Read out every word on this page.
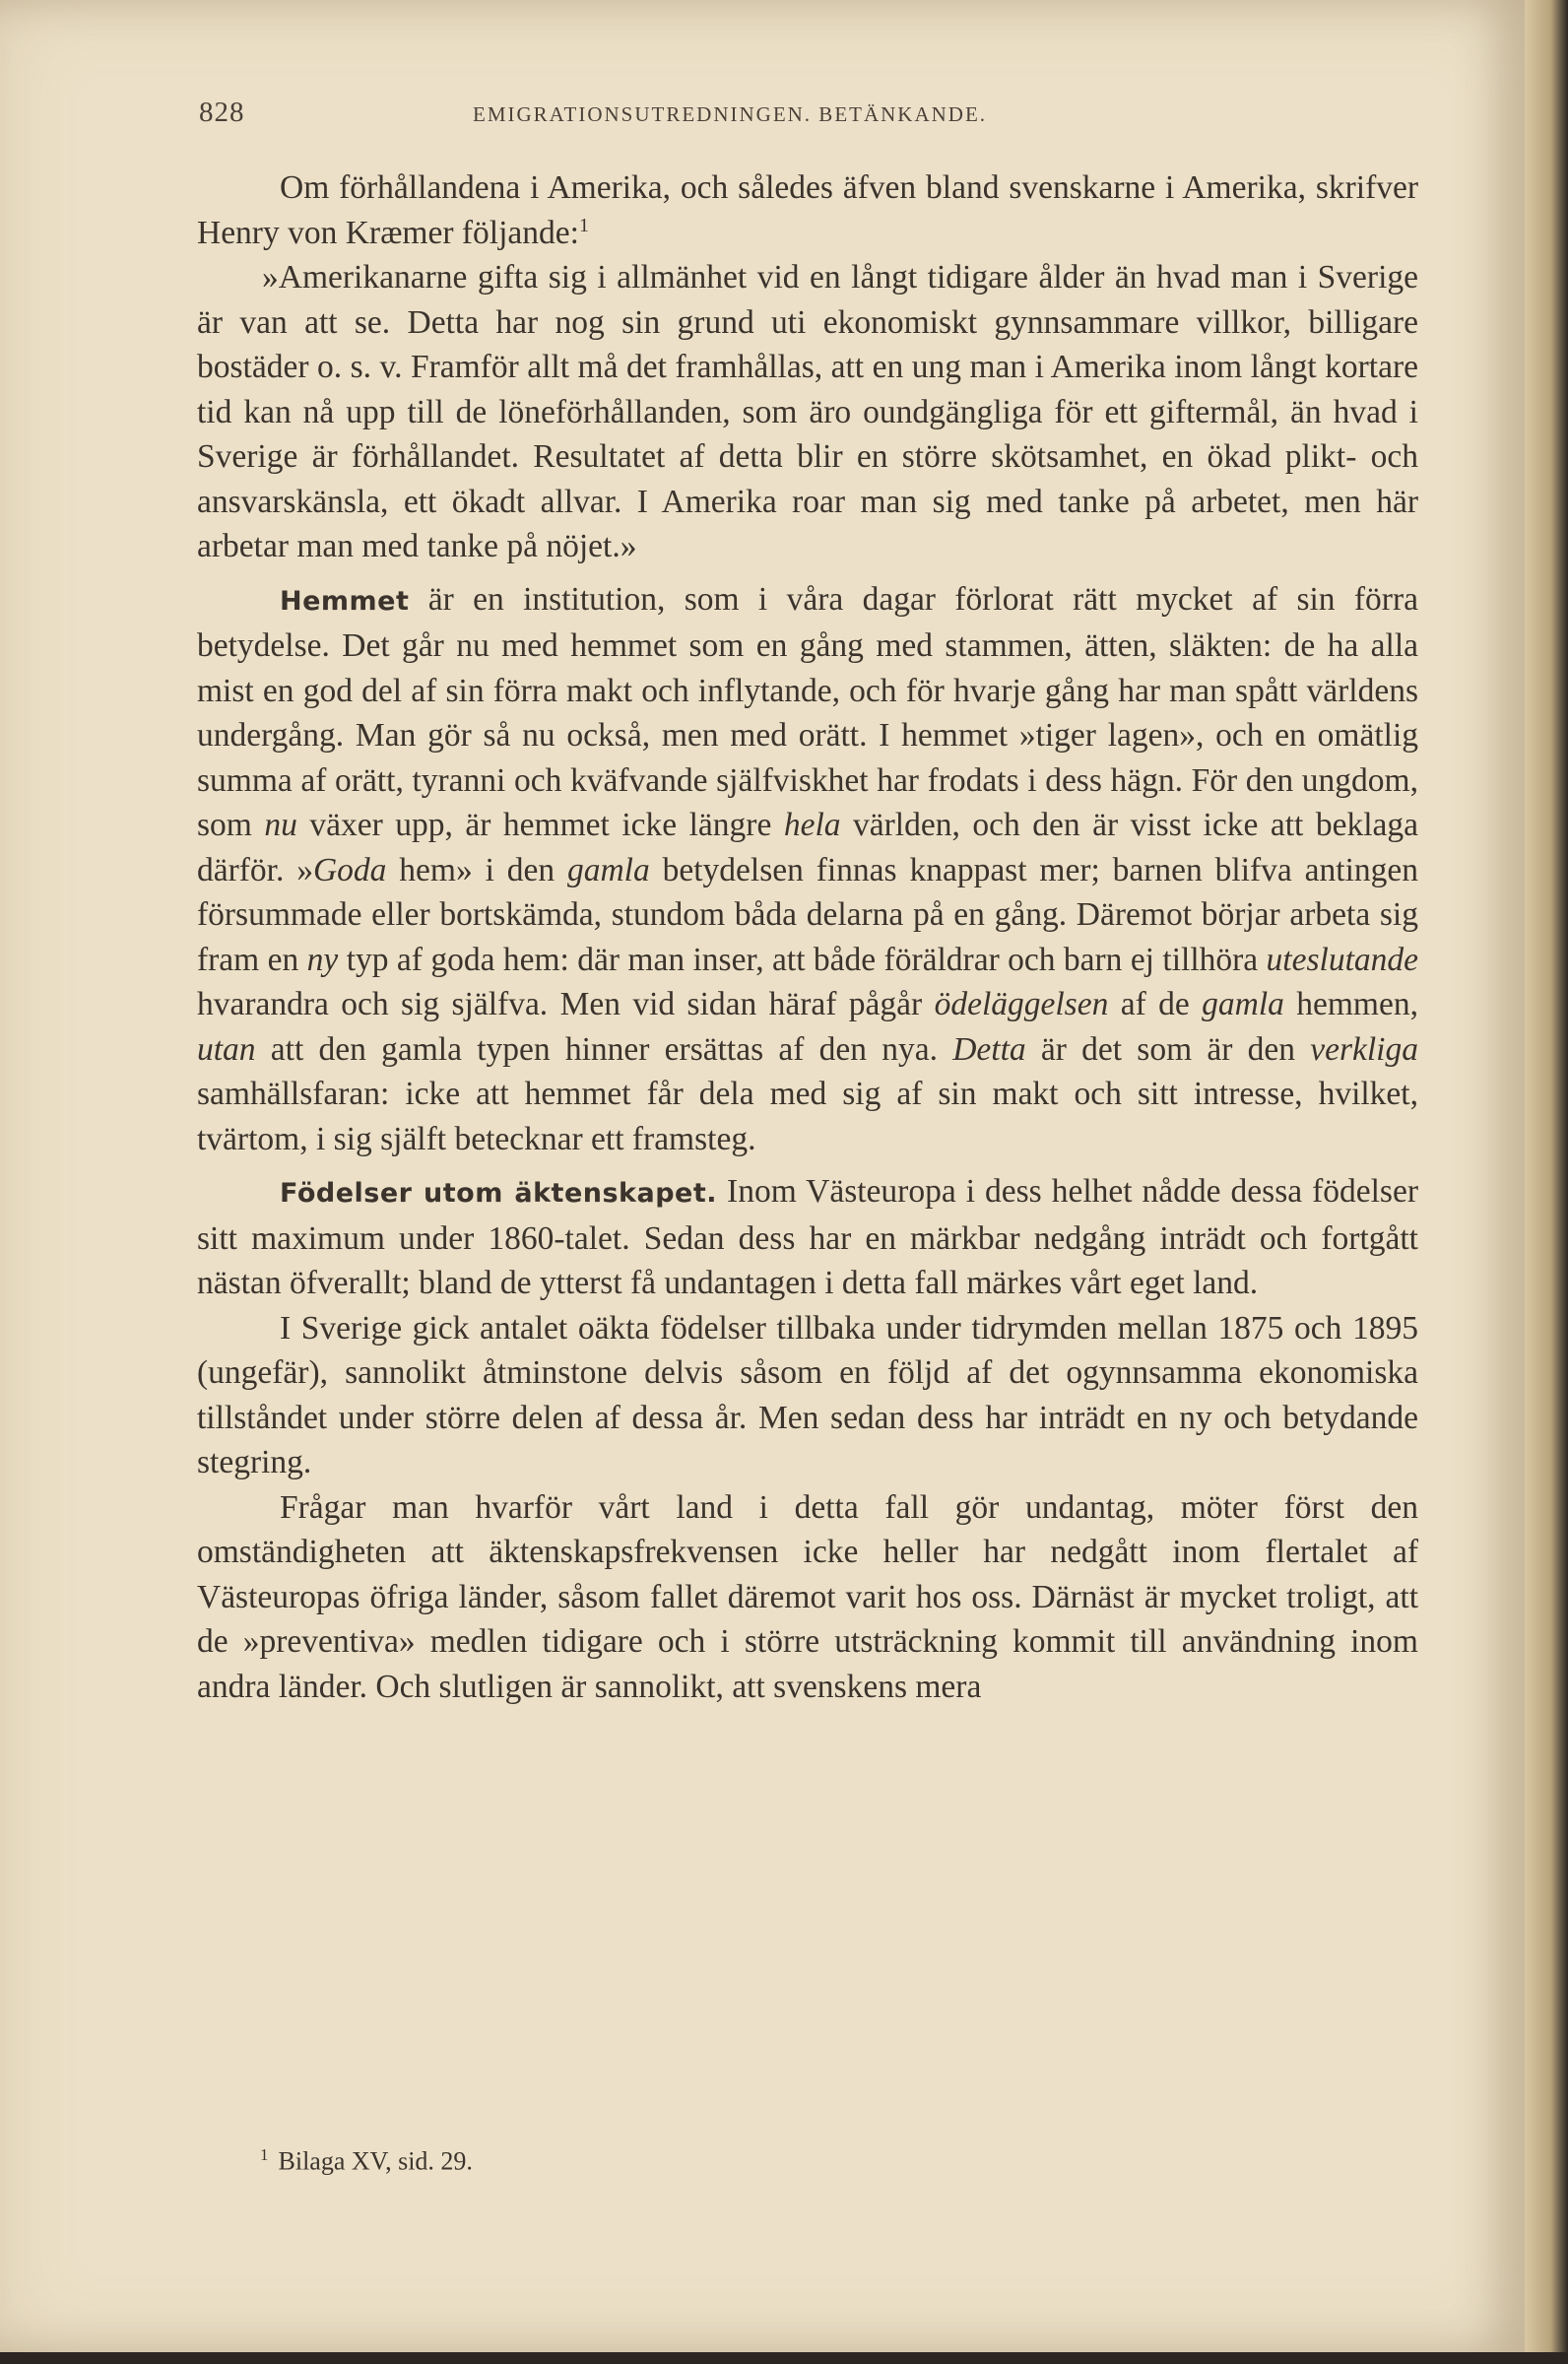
828	EMIGRATIONSUTREDNINGEN. BETÄNKANDE.

Om förhållandena i Amerika, och således äfven bland svenskarne i Amerika, skrifver Henry von Kræmer följande:$^1$

»Amerikanarne gifta sig i allmänhet vid en långt tidigare ålder än hvad man i Sverige är van att se. Detta har nog sin grund uti ekonomiskt gynnsammare villkor, billigare bostäder o. s. v. Framför allt må det framhållas, att en ung man i Amerika inom långt kortare tid kan nå upp till de löneförhållanden, som äro oundgängliga för ett giftermål, än hvad i Sverige är förhållandet. Resultatet af detta blir en större skötsamhet, en ökad plikt- och ansvarskänsla, ett ökadt allvar. I Amerika roar man sig med tanke på arbetet, men här arbetar man med tanke på nöjet.»

Hemmet är en institution, som i våra dagar förlorat rätt mycket af sin förra betydelse. Det går nu med hemmet som en gång med stammen, ätten, släkten: de ha alla mist en god del af sin förra makt och inflytande, och för hvarje gång har man spått världens undergång. Man gör så nu också, men med orätt. I hemmet »tiger lagen», och en omätlig summa af orätt, tyranni och kväfvande själfviskhet har frodats i dess hägn. För den ungdom, som nu växer upp, är hemmet icke längre hela världen, och den är visst icke att beklaga därför. »Goda hem» i den gamla betydelsen finnas knappast mer; barnen blifva antingen försummade eller bortskämda, stundom båda delarna på en gång. Däremot börjar arbeta sig fram en ny typ af goda hem: där man inser, att både föräldrar och barn ej tillhöra uteslutande hvarandra och sig själfva. Men vid sidan häraf pågår ödeläggelsen af de gamla hemmen, utan att den gamla typen hinner ersättas af den nya. Detta är det som är den verkliga samhällsfaran: icke att hemmet får dela med sig af sin makt och sitt intresse, hvilket, tvärtom, i sig själft betecknar ett framsteg.

Födelser utom äktenskapet. Inom Västeuropa i dess helhet nådde dessa födelser sitt maximum under 1860-talet. Sedan dess har en märkbar nedgång inträdt och fortgått nästan öfverallt; bland de ytterst få undantagen i detta fall märkes vårt eget land.

I Sverige gick antalet oäkta födelser tillbaka under tidrymden mellan 1875 och 1895 (ungefär), sannolikt åtminstone delvis såsom en följd af det ogynnsamma ekonomiska tillståndet under större delen af dessa år. Men sedan dess har inträdt en ny och betydande stegring.

Frågar man hvarför vårt land i detta fall gör undantag, möter först den omständigheten att äktenskapsfrekvensen icke heller har nedgått inom flertalet af Västeuropas öfriga länder, såsom fallet däremot varit hos oss. Därnäst är mycket troligt, att de »preventiva» medlen tidigare och i större utsträckning kommit till användning inom andra länder. Och slutligen är sannolikt, att svenskens mera

$^1$ Bilaga XV, sid. 29.
